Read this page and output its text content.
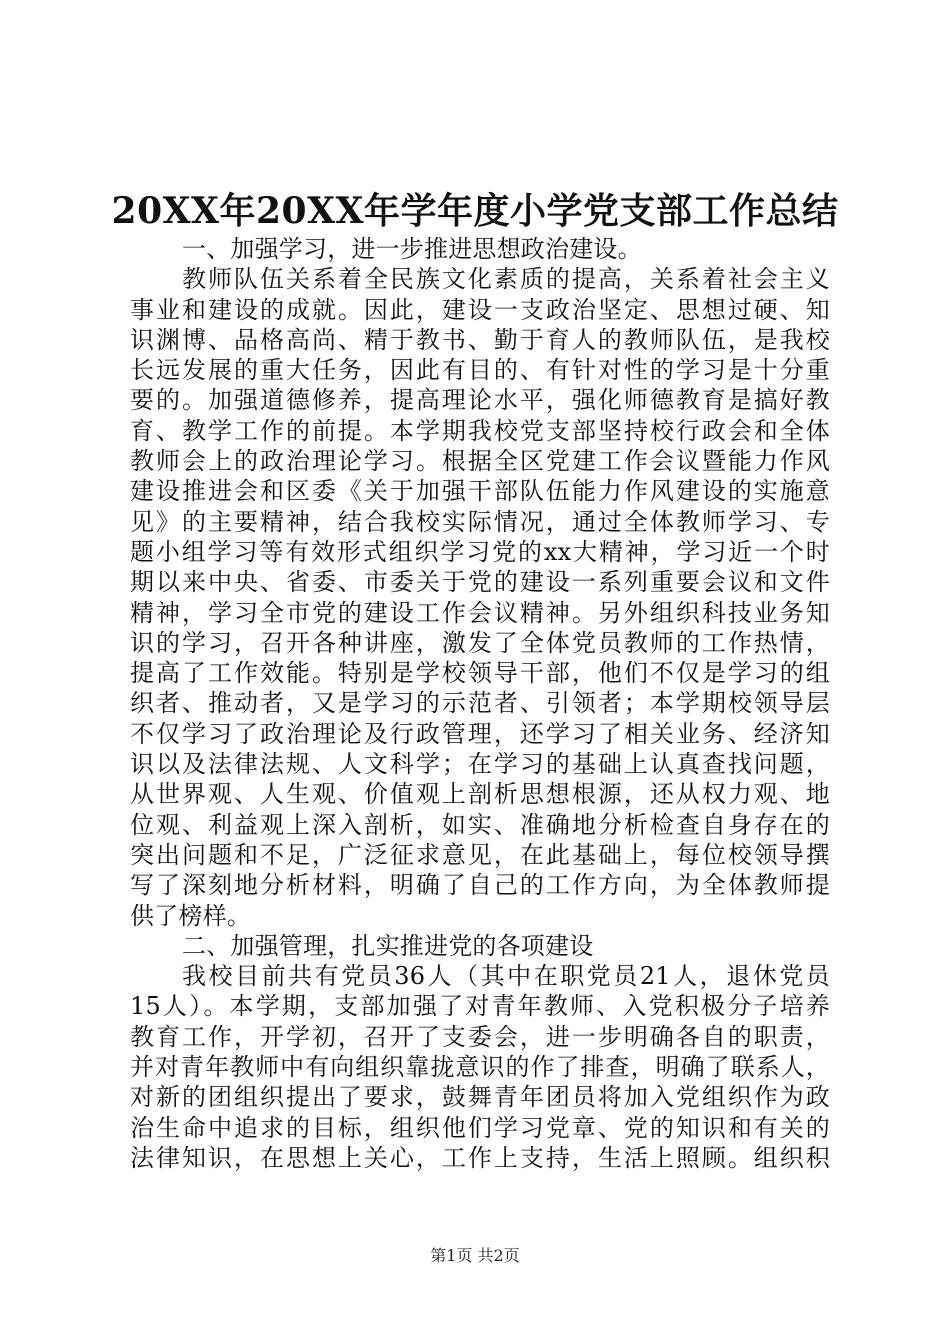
20XX年20XX年学年度小学党支部工作总结
一、加强学习，进一步推进思想政治建设。
教师队伍关系着全民族文化素质的提高，关系着社会主义
事业和建设的成就。因此，建设一支政治坚定、思想过硬、知
识渊博、品格高尚、精于教书、勤于育人的教师队伍，是我校
长远发展的重大任务，因此有目的、有针对性的学习是十分重
要的。加强道德修养，提高理论水平，强化师德教育是搞好教
育、教学工作的前提。本学期我校党支部坚持校行政会和全体
教师会上的政治理论学习。根据全区党建工作会议暨能力作风
建设推进会和区委《关于加强干部队伍能力作风建设的实施意
见》的主要精神，结合我校实际情况，通过全体教师学习、专
题小组学习等有效形式组织学习党的xx大精神，学习近一个时
期以来中央、省委、市委关于党的建设一系列重要会议和文件
精神，学习全市党的建设工作会议精神。另外组织科技业务知
识的学习，召开各种讲座，激发了全体党员教师的工作热情，
提高了工作效能。特别是学校领导干部，他们不仅是学习的组
织者、推动者，又是学习的示范者、引领者；本学期校领导层
不仅学习了政治理论及行政管理，还学习了相关业务、经济知
识以及法律法规、人文科学；在学习的基础上认真查找问题，
从世界观、人生观、价值观上剖析思想根源，还从权力观、地
位观、利益观上深入剖析，如实、准确地分析检查自身存在的
突出问题和不足，广泛征求意见，在此基础上，每位校领导撰
写了深刻地分析材料，明确了自己的工作方向，为全体教师提
供了榜样。
二、加强管理，扎实推进党的各项建设
我校目前共有党员36人（其中在职党员21人，退休党员
15人）。本学期，支部加强了对青年教师、入党积极分子培养
教育工作，开学初，召开了支委会，进一步明确各自的职责，
并对青年教师中有向组织靠拢意识的作了排查，明确了联系人，
对新的团组织提出了要求，鼓舞青年团员将加入党组织作为政
治生命中追求的目标，组织他们学习党章、党的知识和有关的
法律知识，在思想上关心，工作上支持，生活上照顾。组织积
第1页 共2页
